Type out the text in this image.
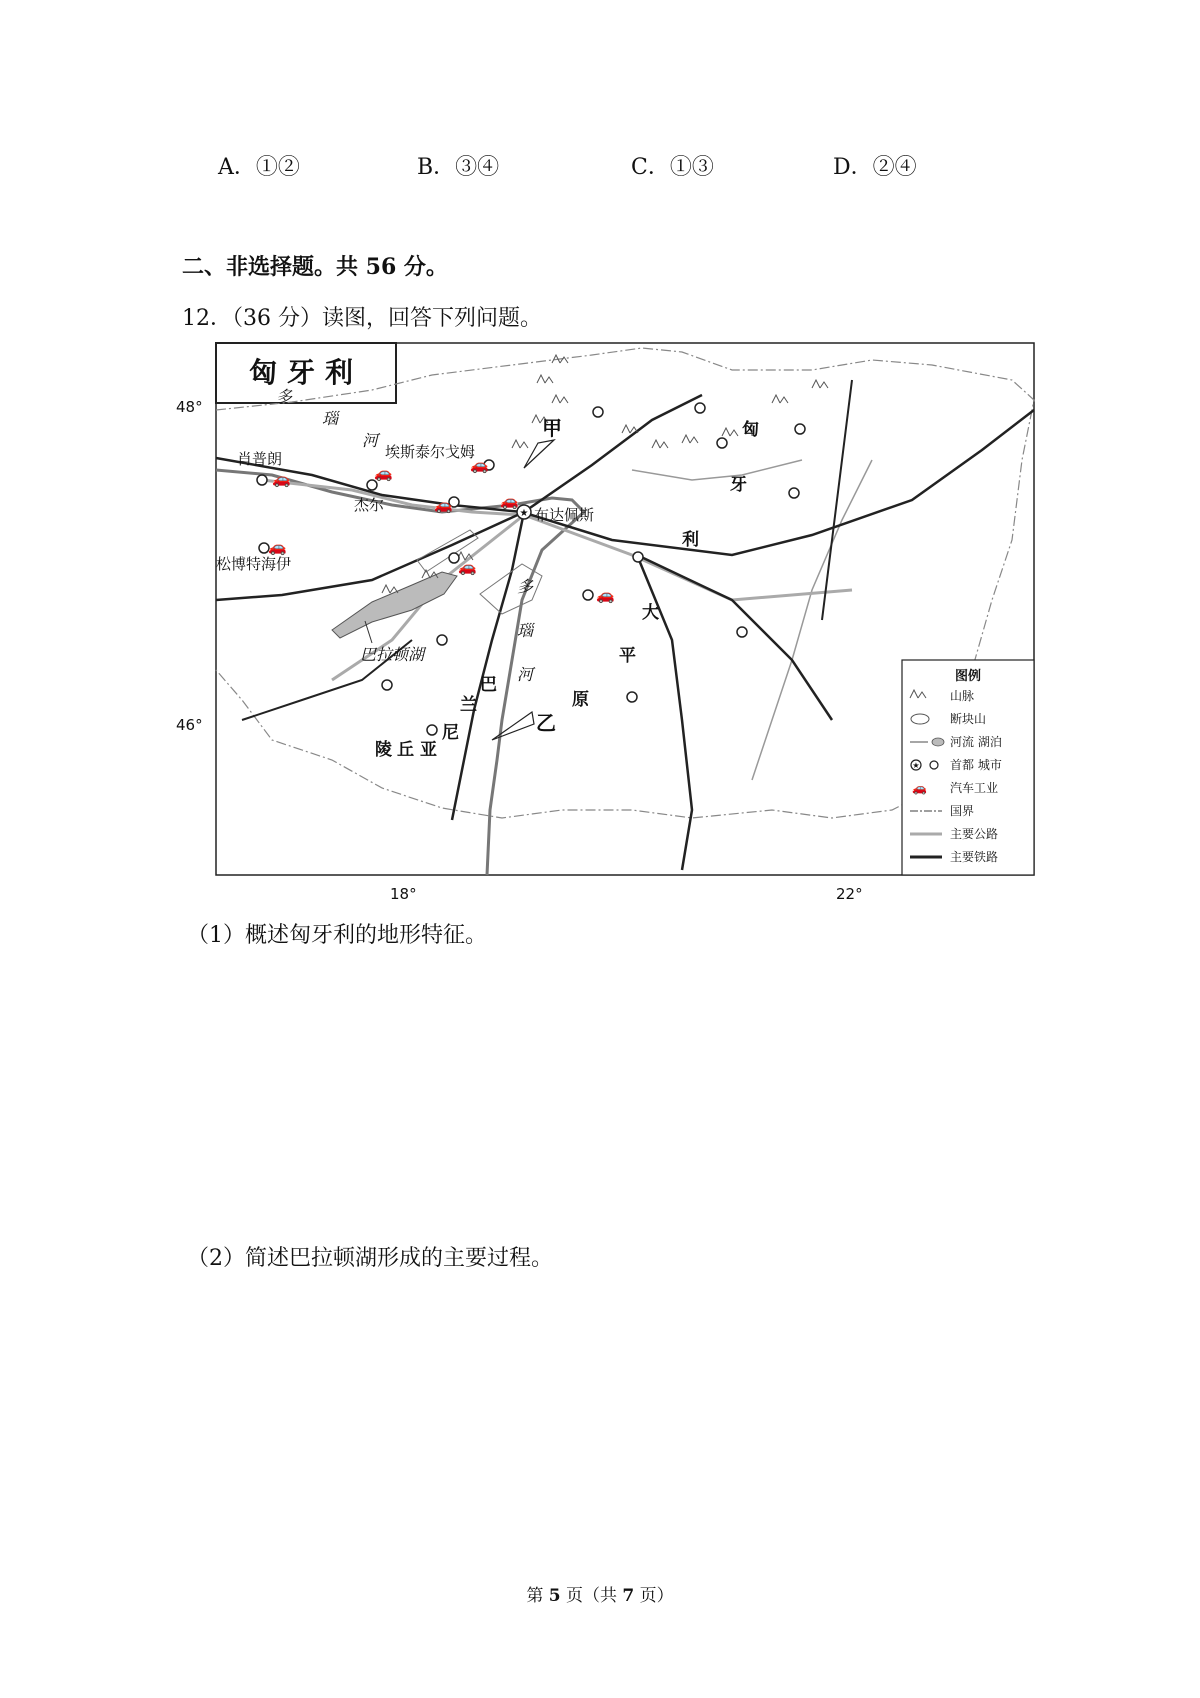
A．①②	B．③④	C．①③	D．②④
二、非选择题。共 56 分。
12．（36 分）读图，回答下列问题。
匈牙利
★
🚗	🚗
🚗
🚗
🚗	🚗
🚗
🚗
48°
46°
18°	22°
肖普朗
杰尔
松博特海伊
埃斯泰尔戈姆
布达佩斯
甲
乙
巴拉顿湖
多
瑙
河
多
瑙
河
匈
牙
利
大
平
原
巴
兰
尼
亚
丘
陵
图例
山脉
断块山
河流 湖泊
★	首都 城市
🚗 汽车工业
国界
主要公路
主要铁路
（1）概述匈牙利的地形特征。
（2）简述巴拉顿湖形成的主要过程。
第 5 页（共 7 页）
